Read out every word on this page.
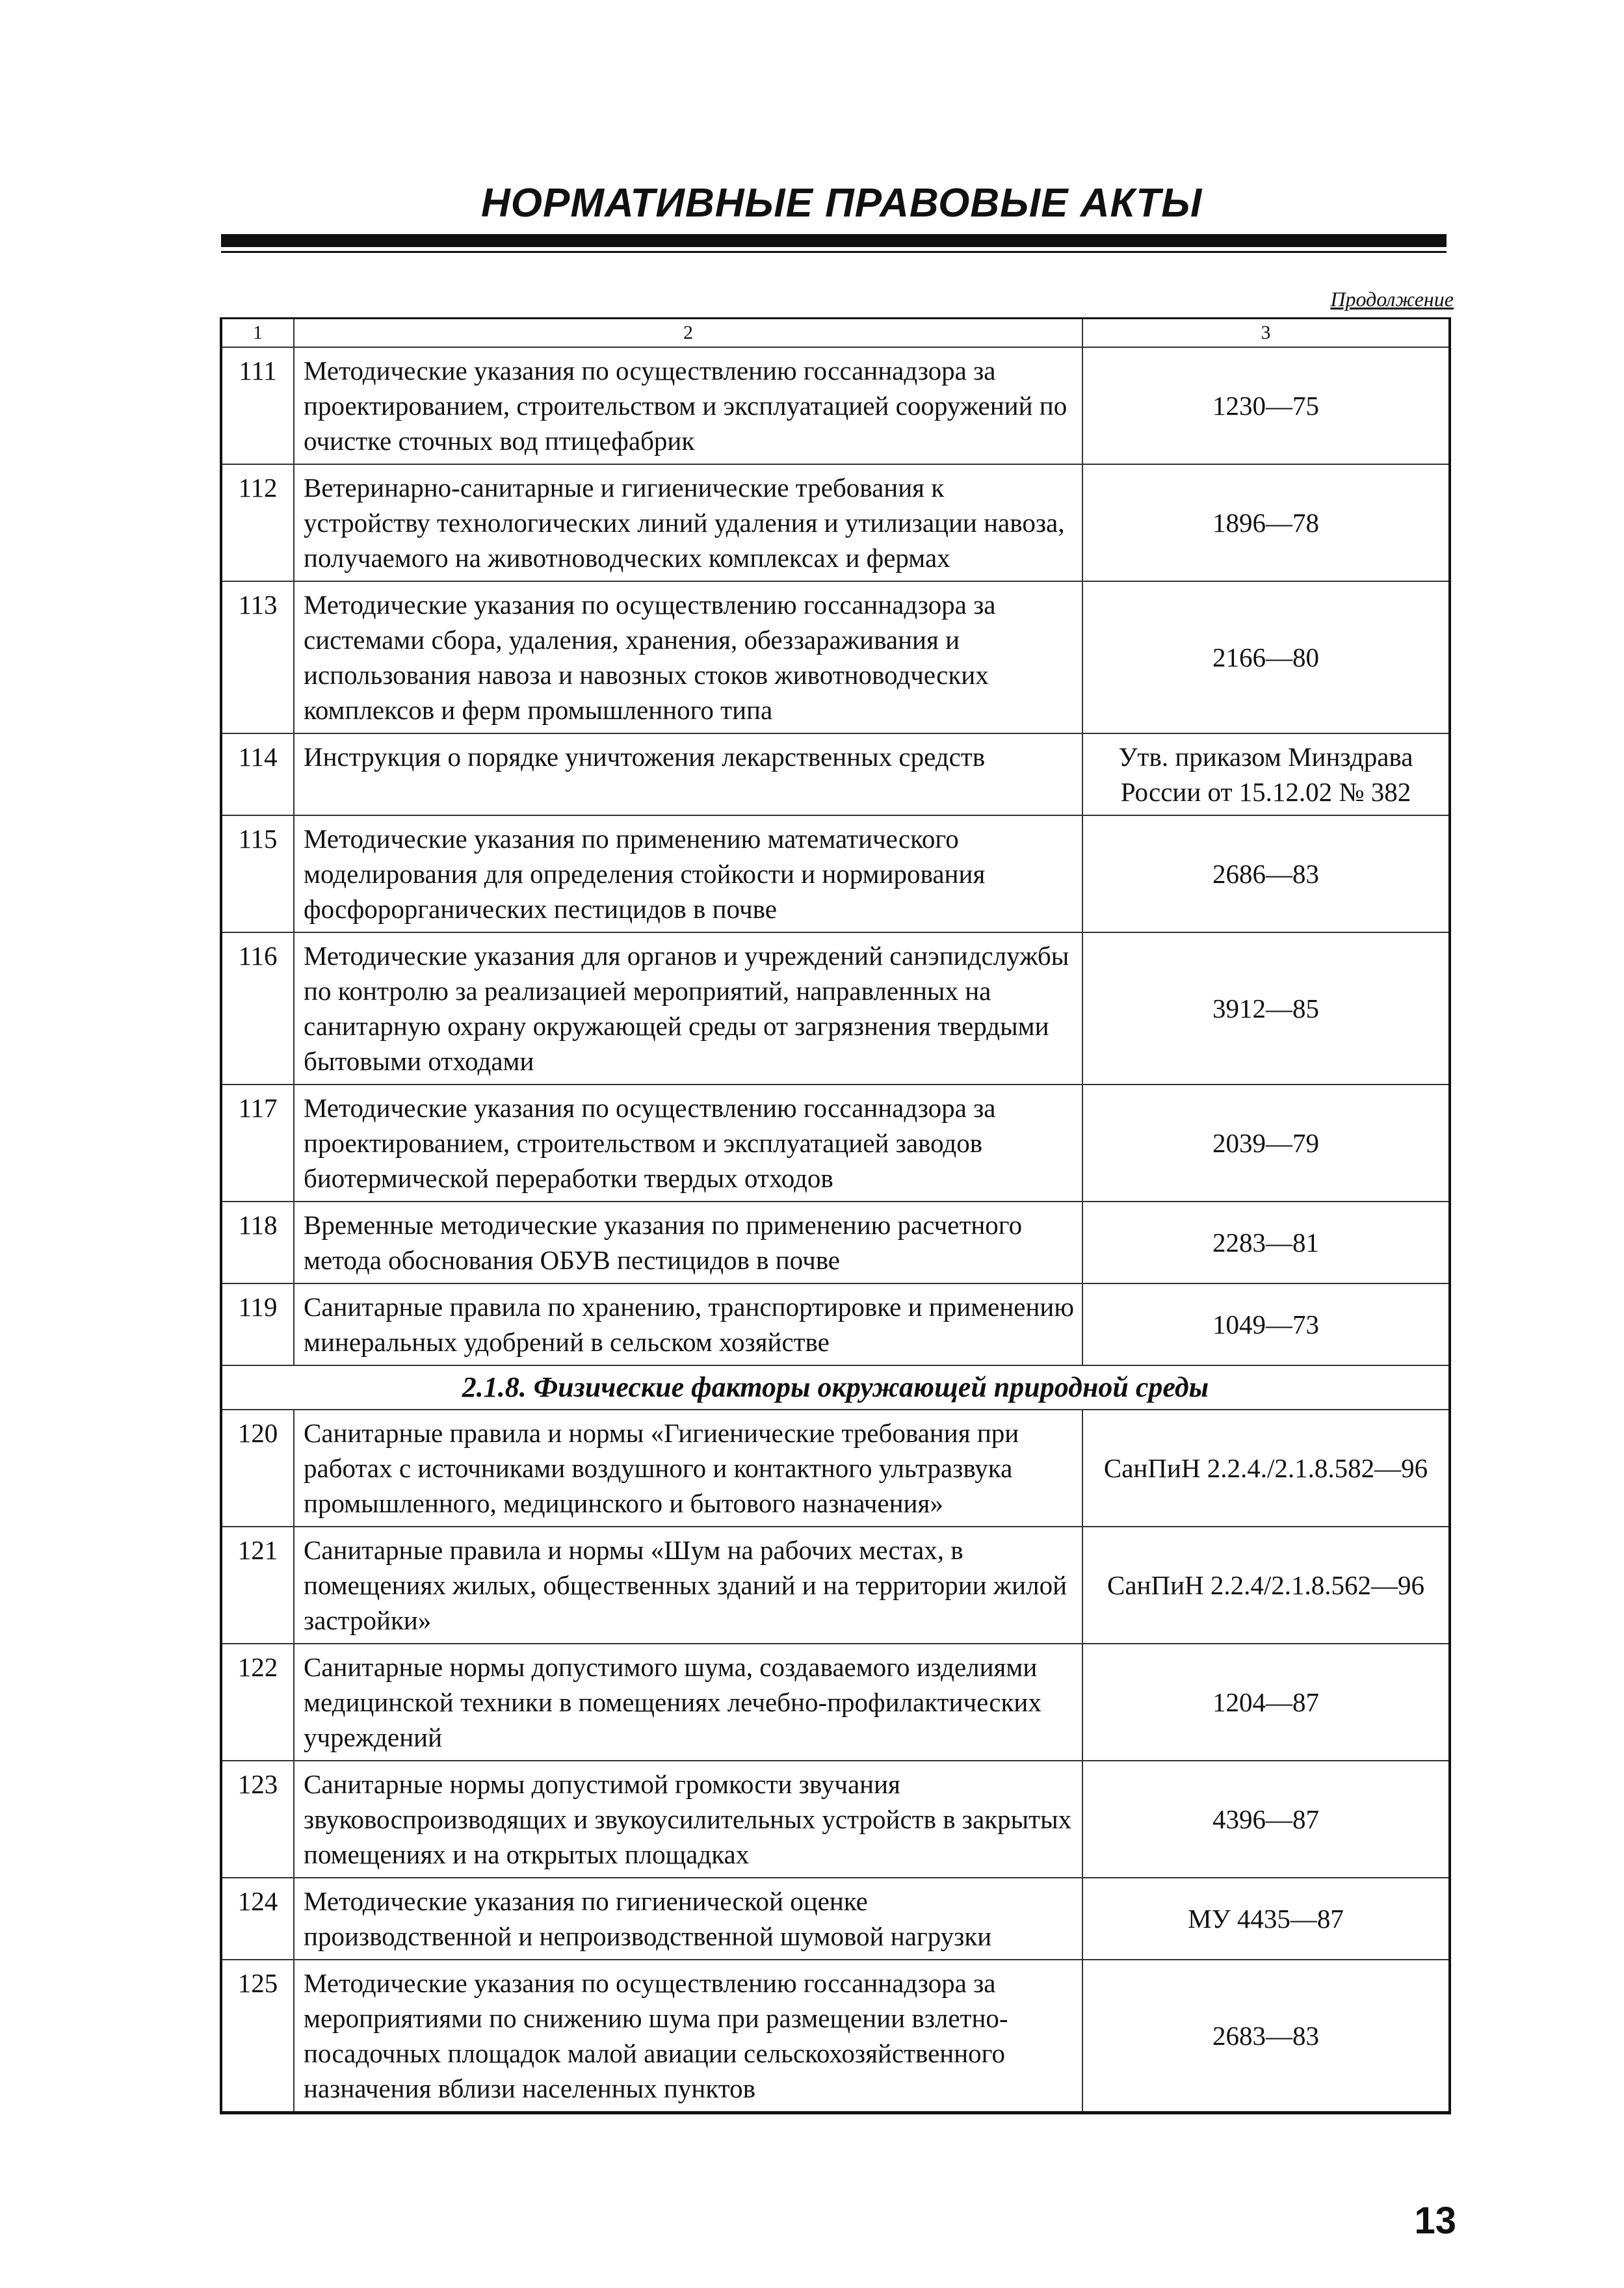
НОРМАТИВНЫЕ ПРАВОВЫЕ АКТЫ
Продолжение
1	2	3
111	Методические указания по осуществлению госсаннадзора за проектированием, строительством и эксплуатацией сооружений по очистке сточных вод птицефабрик	1230—75
112	Ветеринарно-санитарные и гигиенические требования к устройству технологических линий удаления и утилизации навоза, получаемого на животноводческих комплексах и фермах	1896—78
113	Методические указания по осуществлению госсаннадзора за системами сбора, удаления, хранения, обеззараживания и использования навоза и навозных стоков животноводческих комплексов и ферм промышленного типа	2166—80
114	Инструкция о порядке уничтожения лекарственных средств	Утв. приказом Минздрава России от 15.12.02 № 382
115	Методические указания по применению математического моделирования для определения стойкости и нормирования фосфорорганических пестицидов в почве	2686—83
116	Методические указания для органов и учреждений санэпидслужбы по контролю за реализацией мероприятий, направленных на санитарную охрану окружающей среды от загрязнения твердыми бытовыми отходами	3912—85
117	Методические указания по осуществлению госсаннадзора за проектированием, строительством и эксплуатацией заводов биотермической переработки твердых отходов	2039—79
118	Временные методические указания по применению расчетного метода обоснования ОБУВ пестицидов в почве	2283—81
119	Санитарные правила по хранению, транспортировке и применению минеральных удобрений в сельском хозяйстве	1049—73
2.1.8. Физические факторы окружающей природной среды		
120	Санитарные правила и нормы «Гигиенические требования при работах с источниками воздушного и контактного ультразвука промышленного, медицинского и бытового назначения»	СанПиН 2.2.4./2.1.8.582—96
121	Санитарные правила и нормы «Шум на рабочих местах, в помещениях жилых, общественных зданий и на территории жилой застройки»	СанПиН 2.2.4/2.1.8.562—96
122	Санитарные нормы допустимого шума, создаваемого изделиями медицинской техники в помещениях лечебно-профилактических учреждений	1204—87
123	Санитарные нормы допустимой громкости звучания звуковоспроизводящих и звукоусилительных устройств в закрытых помещениях и на открытых площадках	4396—87
124	Методические указания по гигиенической оценке производственной и непроизводственной шумовой нагрузки	МУ 4435—87
125	Методические указания по осуществлению госсаннадзора за мероприятиями по снижению шума при размещении взлетно-посадочных площадок малой авиации сельскохозяйственного назначения вблизи населенных пунктов	2683—83
13
